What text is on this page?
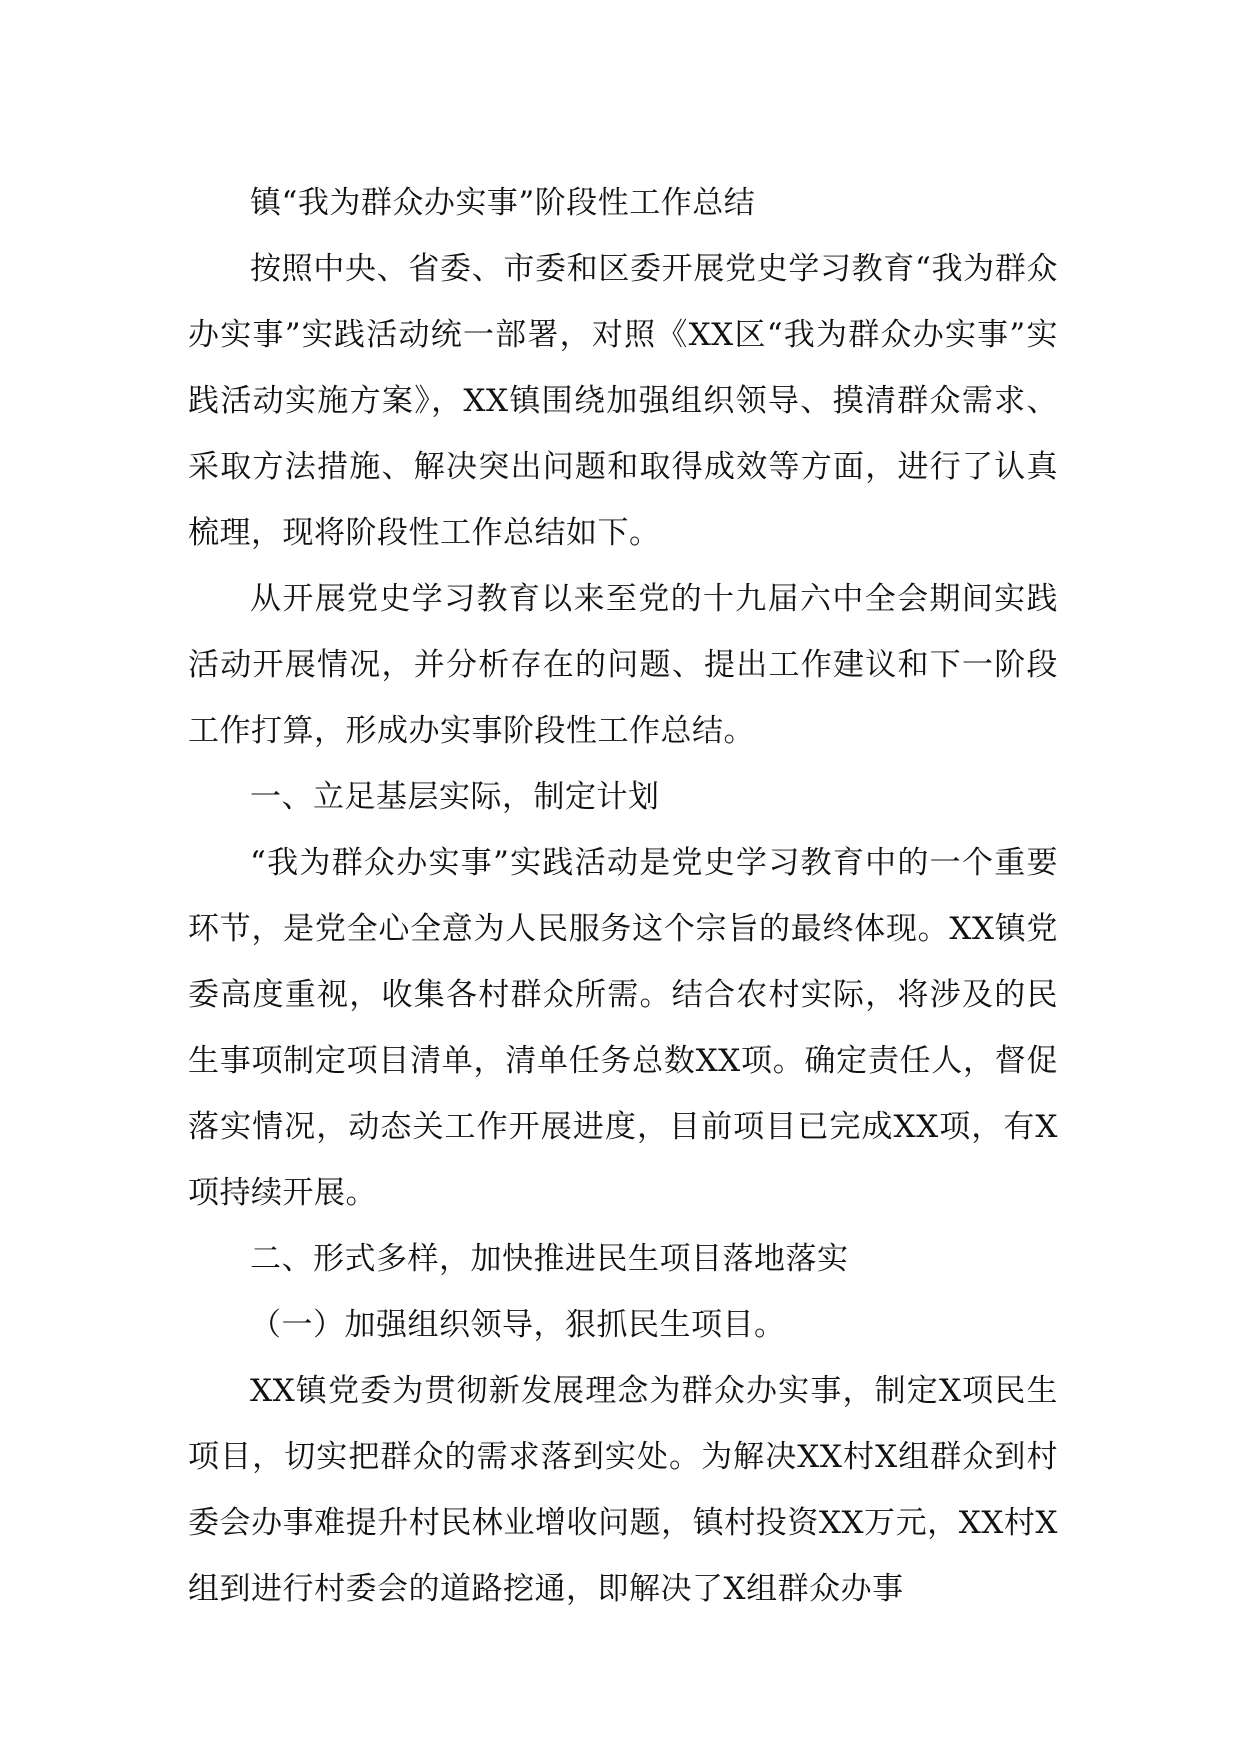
镇“我为群众办实事”阶段性工作总结

按照中央、省委、市委和区委开展党史学习教育“我为群众办实事”实践活动统一部署，对照《XX区“我为群众办实事”实践活动实施方案》，XX镇围绕加强组织领导、摸清群众需求、采取方法措施、解决突出问题和取得成效等方面，进行了认真梳理，现将阶段性工作总结如下。

从开展党史学习教育以来至党的十九届六中全会期间实践活动开展情况，并分析存在的问题、提出工作建议和下一阶段工作打算，形成办实事阶段性工作总结。

一、立足基层实际，制定计划

“我为群众办实事”实践活动是党史学习教育中的一个重要环节，是党全心全意为人民服务这个宗旨的最终体现。XX镇党委高度重视，收集各村群众所需。结合农村实际，将涉及的民生事项制定项目清单，清单任务总数XX项。确定责任人，督促落实情况，动态关工作开展进度，目前项目已完成XX项，有X项持续开展。

二、形式多样，加快推进民生项目落地落实

（一）加强组织领导，狠抓民生项目。

XX镇党委为贯彻新发展理念为群众办实事，制定X项民生项目，切实把群众的需求落到实处。为解决XX村X组群众到村委会办事难提升村民林业增收问题，镇村投资XX万元，XX村X组到进行村委会的道路挖通，即解决了X组群众办事
